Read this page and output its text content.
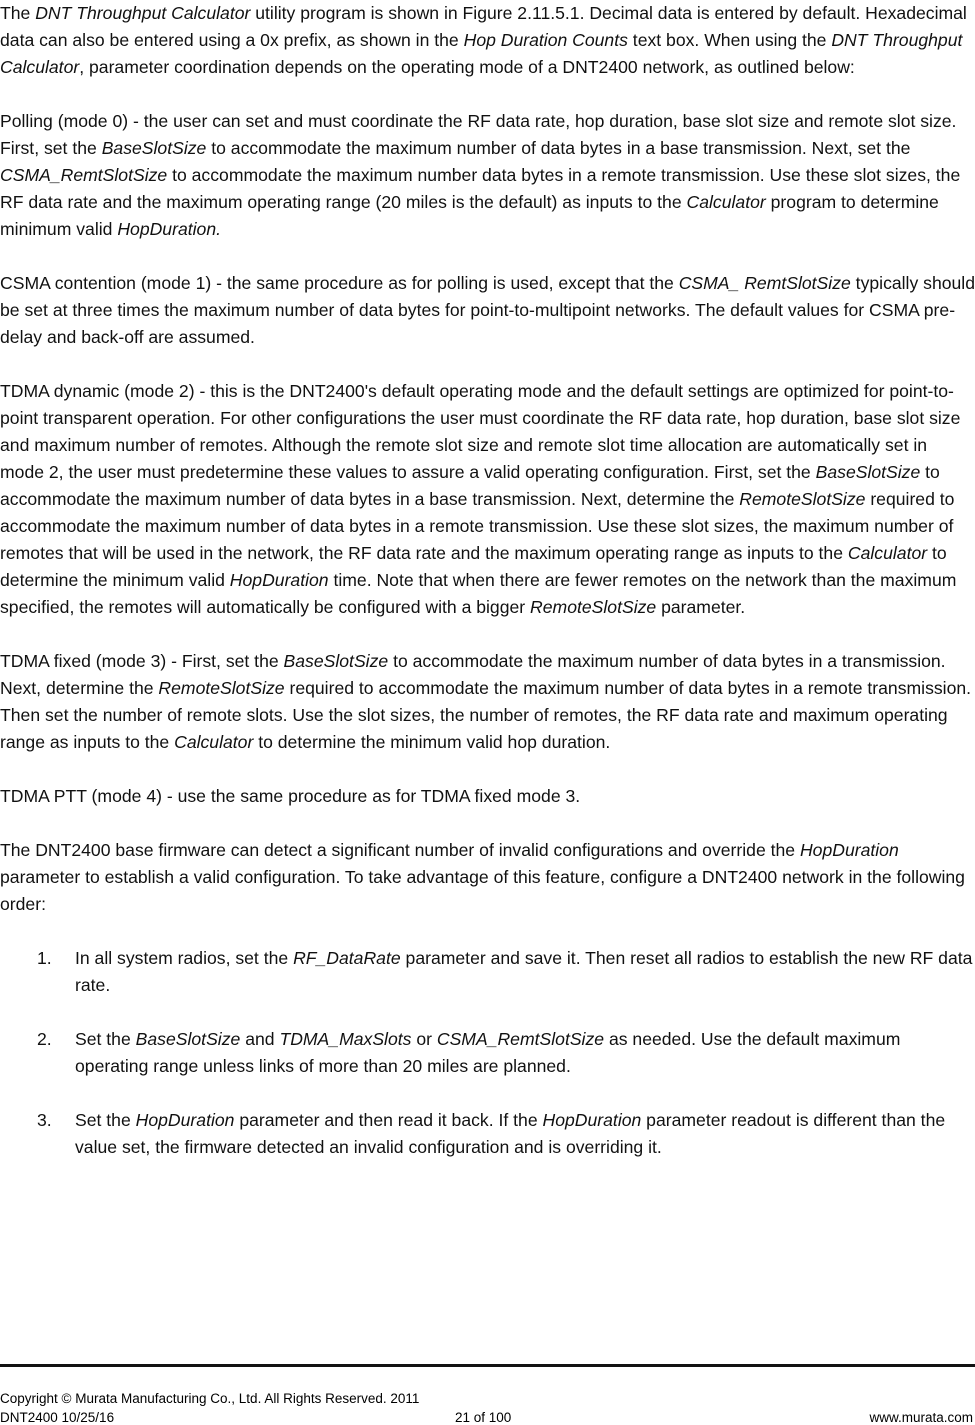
The DNT Throughput Calculator utility program is shown in Figure 2.11.5.1. Decimal data is entered by default. Hexadecimal data can also be entered using a 0x prefix, as shown in the Hop Duration Counts text box. When using the DNT Throughput Calculator, parameter coordination depends on the operating mode of a DNT2400 network, as outlined below:

Polling (mode 0) - the user can set and must coordinate the RF data rate, hop duration, base slot size and remote slot size. First, set the BaseSlotSize to accommodate the maximum number of data bytes in a base transmission. Next, set the CSMA_RemtSlotSize to accommodate the maximum number data bytes in a remote transmission. Use these slot sizes, the RF data rate and the maximum operating range (20 miles is the default) as inputs to the Calculator program to determine minimum valid HopDuration.

CSMA contention (mode 1) - the same procedure as for polling is used, except that the CSMA_ RemtSlotSize typically should be set at three times the maximum number of data bytes for point-to-multipoint networks. The default values for CSMA pre-delay and back-off are assumed.

TDMA dynamic (mode 2) - this is the DNT2400's default operating mode and the default settings are optimized for point-to-point transparent operation. For other configurations the user must coordinate the RF data rate, hop duration, base slot size and maximum number of remotes. Although the remote slot size and remote slot time allocation are automatically set in mode 2, the user must predetermine these values to assure a valid operating configuration. First, set the BaseSlotSize to accommodate the maximum number of data bytes in a base transmission. Next, determine the RemoteSlotSize required to accommodate the maximum number of data bytes in a remote transmission. Use these slot sizes, the maximum number of remotes that will be used in the network, the RF data rate and the maximum operating range as inputs to the Calculator to determine the minimum valid HopDuration time. Note that when there are fewer remotes on the network than the maximum specified, the remotes will automatically be configured with a bigger RemoteSlotSize parameter.

TDMA fixed (mode 3) - First, set the BaseSlotSize to accommodate the maximum number of data bytes in a transmission. Next, determine the RemoteSlotSize required to accommodate the maximum number of data bytes in a remote transmission. Then set the number of remote slots. Use the slot sizes, the number of remotes, the RF data rate and maximum operating range as inputs to the Calculator to determine the minimum valid hop duration.

TDMA PTT (mode 4) - use the same procedure as for TDMA fixed mode 3.

The DNT2400 base firmware can detect a significant number of invalid configurations and override the HopDuration parameter to establish a valid configuration. To take advantage of this feature, configure a DNT2400 network in the following order:

1. In all system radios, set the RF_DataRate parameter and save it. Then reset all radios to establish the new RF data rate.

2. Set the BaseSlotSize and TDMA_MaxSlots or CSMA_RemtSlotSize as needed. Use the default maximum operating range unless links of more than 20 miles are planned.

3. Set the HopDuration parameter and then read it back. If the HopDuration parameter readout is different than the value set, the firmware detected an invalid configuration and is overriding it.

Copyright © Murata Manufacturing Co., Ltd. All Rights Reserved. 2011
DNT2400 10/25/16	21 of 100	www.murata.com
